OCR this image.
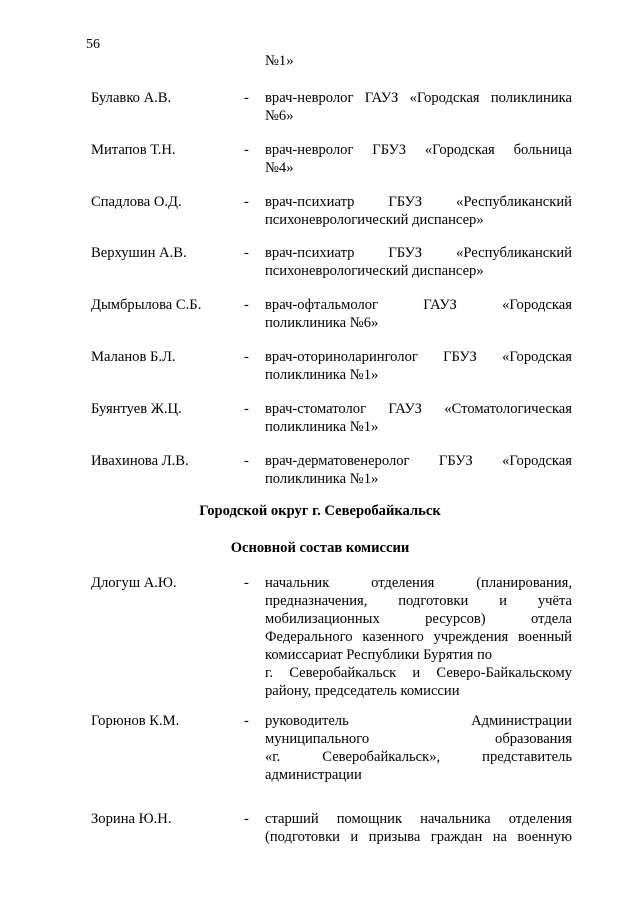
56
№1»
Булавко А.В.	- врач-невролог ГАУЗ «Городская поликлиника
№6»
Митапов Т.Н.	- врач-невролог ГБУЗ «Городская больница
№4»
Спадлова О.Д.	- врач-психиатр ГБУЗ «Республиканский
психоневрологический диспансер»
Верхушин А.В.	- врач-психиатр ГБУЗ «Республиканский
психоневрологический диспансер»
Дымбрылова С.Б.	- врач-офтальмолог ГАУЗ «Городская
поликлиника №6»
Маланов Б.Л.	- врач-оториноларинголог ГБУЗ «Городская
поликлиника №1»
Буянтуев Ж.Ц.	- врач-стоматолог ГАУЗ «Стоматологическая
поликлиника №1»
Ивахинова Л.В.	- врач-дерматовенеролог ГБУЗ «Городская
поликлиника №1»
Городской округ г. Северобайкальск
Основной состав комиссии
Длогуш А.Ю.	- начальник отделения (планирования,
предназначения, подготовки и учёта
мобилизационных ресурсов) отдела
Федерального казенного учреждения военный
комиссариат Республики Бурятия по
г. Северобайкальск и Северо-Байкальскому
району, председатель комиссии
Горюнов К.М.	- руководитель Администрации
муниципального образования
«г. Северобайкальск», представитель
администрации
Зорина Ю.Н.	- старший помощник начальника отделения
(подготовки и призыва граждан на военную
